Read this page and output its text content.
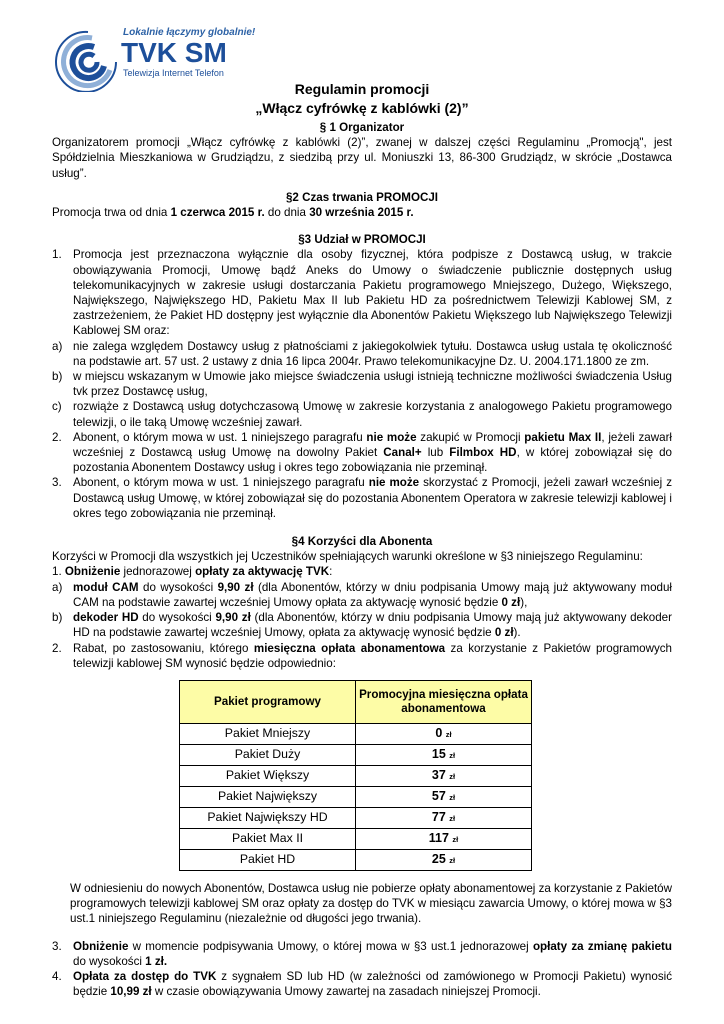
Lokalnie łączymy globalnie!
TVK SM
Telewizja Internet Telefon
Regulamin promocji
„Włącz cyfrówkę z kablówki (2)”
§ 1 Organizator

Organizatorem promocji „Włącz cyfrówkę z kablówki (2)”, zwanej w dalszej części Regulaminu „Promocją", jest Spółdzielnia Mieszkaniowa w Grudziądzu, z siedzibą przy ul. Moniuszki 13, 86-300 Grudziądz, w skrócie „Dostawca usług”.

§2 Czas trwania PROMOCJI

Promocja trwa od dnia 1 czerwca 2015 r. do dnia 30 września 2015 r.

§3 Udział w PROMOCJI
1. Promocja jest przeznaczona wyłącznie dla osoby fizycznej, która podpisze z Dostawcą usług, w trakcie obowiązywania Promocji, Umowę bądź Aneks do Umowy o świadczenie publicznie dostępnych usług telekomunikacyjnych w zakresie usługi dostarczania Pakietu programowego Mniejszego, Dużego, Większego, Największego, Największego HD, Pakietu Max II lub Pakietu HD za pośrednictwem Telewizji Kablowej SM, z zastrzeżeniem, że Pakiet HD dostępny jest wyłącznie dla Abonentów Pakietu Większego lub Największego Telewizji Kablowej SM oraz:
a) nie zalega względem Dostawcy usług z płatnościami z jakiegokolwiek tytułu. Dostawca usług ustala tę okoliczność na podstawie art. 57 ust. 2 ustawy z dnia 16 lipca 2004r. Prawo telekomunikacyjne Dz. U. 2004.171.1800 ze zm.
b) w miejscu wskazanym w Umowie jako miejsce świadczenia usługi istnieją techniczne możliwości świadczenia Usług tvk przez Dostawcę usług,
c) rozwiąże z Dostawcą usług dotychczasową Umowę w zakresie korzystania z analogowego Pakietu programowego telewizji, o ile taką Umowę wcześniej zawarł.
2. Abonent, o którym mowa w ust. 1 niniejszego paragrafu nie może zakupić w Promocji pakietu Max II, jeżeli zawarł wcześniej z Dostawcą usług Umowę na dowolny Pakiet Canal+ lub Filmbox HD, w której zobowiązał się do pozostania Abonentem Dostawcy usług i okres tego zobowiązania nie przeminął.
3. Abonent, o którym mowa w ust. 1 niniejszego paragrafu nie może skorzystać z Promocji, jeżeli zawarł wcześniej z Dostawcą usług Umowę, w której zobowiązał się do pozostania Abonentem Operatora w zakresie telewizji kablowej i okres tego zobowiązania nie przeminął.
§4 Korzyści dla Abonenta

Korzyści w Promocji dla wszystkich jej Uczestników spełniających warunki określone w §3 niniejszego Regulaminu:

1. Obniżenie jednorazowej opłaty za aktywację TVK:

a) moduł CAM do wysokości 9,90 zł (dla Abonentów, którzy w dniu podpisania Umowy mają już aktywowany moduł CAM na podstawie zawartej wcześniej Umowy opłata za aktywację wynosić będzie 0 zł),
b) dekoder HD do wysokości 9,90 zł (dla Abonentów, którzy w dniu podpisania Umowy mają już aktywowany dekoder HD na podstawie zawartej wcześniej Umowy, opłata za aktywację wynosić będzie 0 zł).
2. Rabat, po zastosowaniu, którego miesięczna opłata abonamentowa za korzystanie z Pakietów programowych telewizji kablowej SM wynosić będzie odpowiednio:
Pakiet programowy	Promocyjna miesięczna opłata abonamentowa
Pakiet Mniejszy	0 zł
Pakiet Duży	15 zł
Pakiet Większy	37 zł
Pakiet Największy	57 zł
Pakiet Największy HD	77 zł
Pakiet Max II	117 zł
Pakiet HD	25 zł
W odniesieniu do nowych Abonentów, Dostawca usług nie pobierze opłaty abonamentowej za korzystanie z Pakietów programowych telewizji kablowej SM oraz opłaty za dostęp do TVK w miesiącu zawarcia Umowy, o której mowa w §3 ust.1 niniejszego Regulaminu (niezależnie od długości jego trwania).
3. Obniżenie w momencie podpisywania Umowy, o której mowa w §3 ust.1 jednorazowej opłaty za zmianę pakietu do wysokości 1 zł.
4. Opłata za dostęp do TVK z sygnałem SD lub HD (w zależności od zamówionego w Promocji Pakietu) wynosić będzie 10,99 zł w czasie obowiązywania Umowy zawartej na zasadach niniejszej Promocji.
